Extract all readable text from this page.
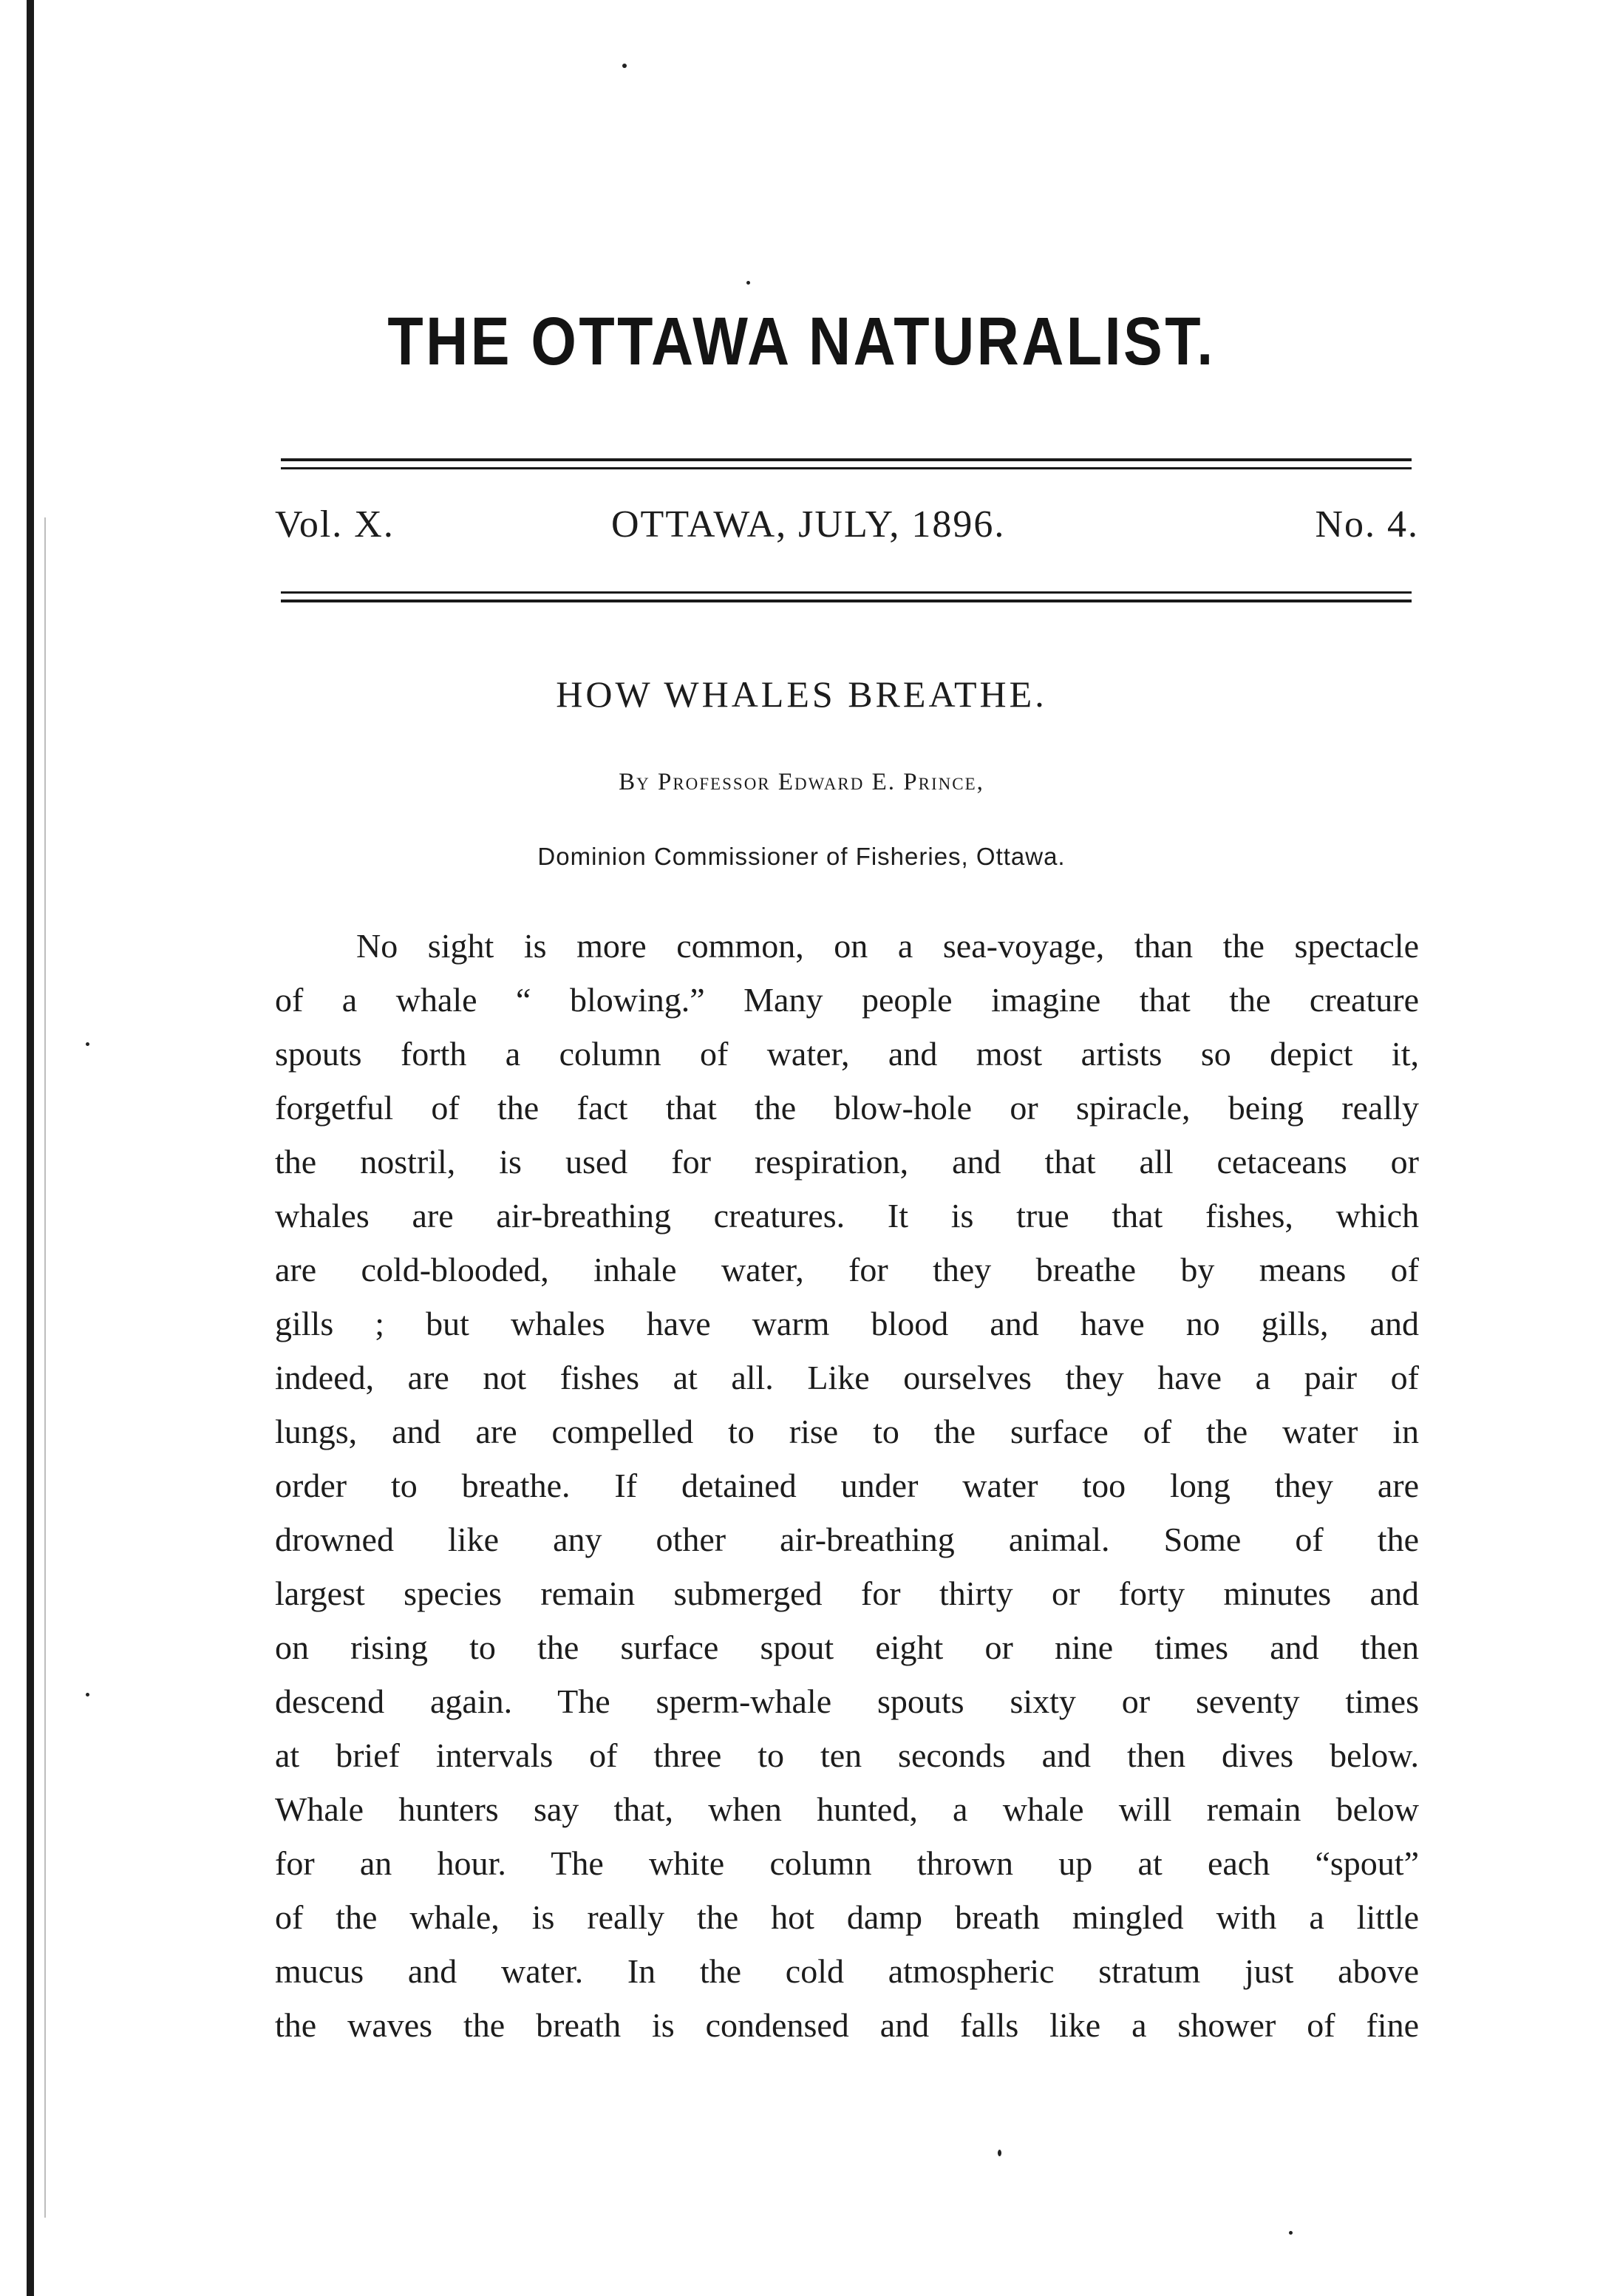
THE OTTAWA NATURALIST.
Vol. X.	OTTAWA, JULY, 1896.	No. 4.
HOW WHALES BREATHE.
By Professor Edward E. Prince,
Dominion Commissioner of Fisheries, Ottawa.
No sight is more common, on a sea-voyage, than the spectacle
of a whale “ blowing.” Many people imagine that the creature
spouts forth a column of water, and most artists so depict it,
forgetful of the fact that the blow-hole or spiracle, being really
the nostril, is used for respiration, and that all cetaceans or
whales are air-breathing creatures. It is true that fishes, which
are cold-blooded, inhale water, for they breathe by means of
gills ; but whales have warm blood and have no gills, and
indeed, are not fishes at all. Like ourselves they have a pair of
lungs, and are compelled to rise to the surface of the water in
order to breathe. If detained under water too long they are
drowned like any other air-breathing animal. Some of the
largest species remain submerged for thirty or forty minutes and
on rising to the surface spout eight or nine times and then
descend again. The sperm-whale spouts sixty or seventy times
at brief intervals of three to ten seconds and then dives below.
Whale hunters say that, when hunted, a whale will remain below
for an hour. The white column thrown up at each “spout”
of the whale, is really the hot damp breath mingled with a little
mucus and water. In the cold atmospheric stratum just above
the waves the breath is condensed and falls like a shower of fine
